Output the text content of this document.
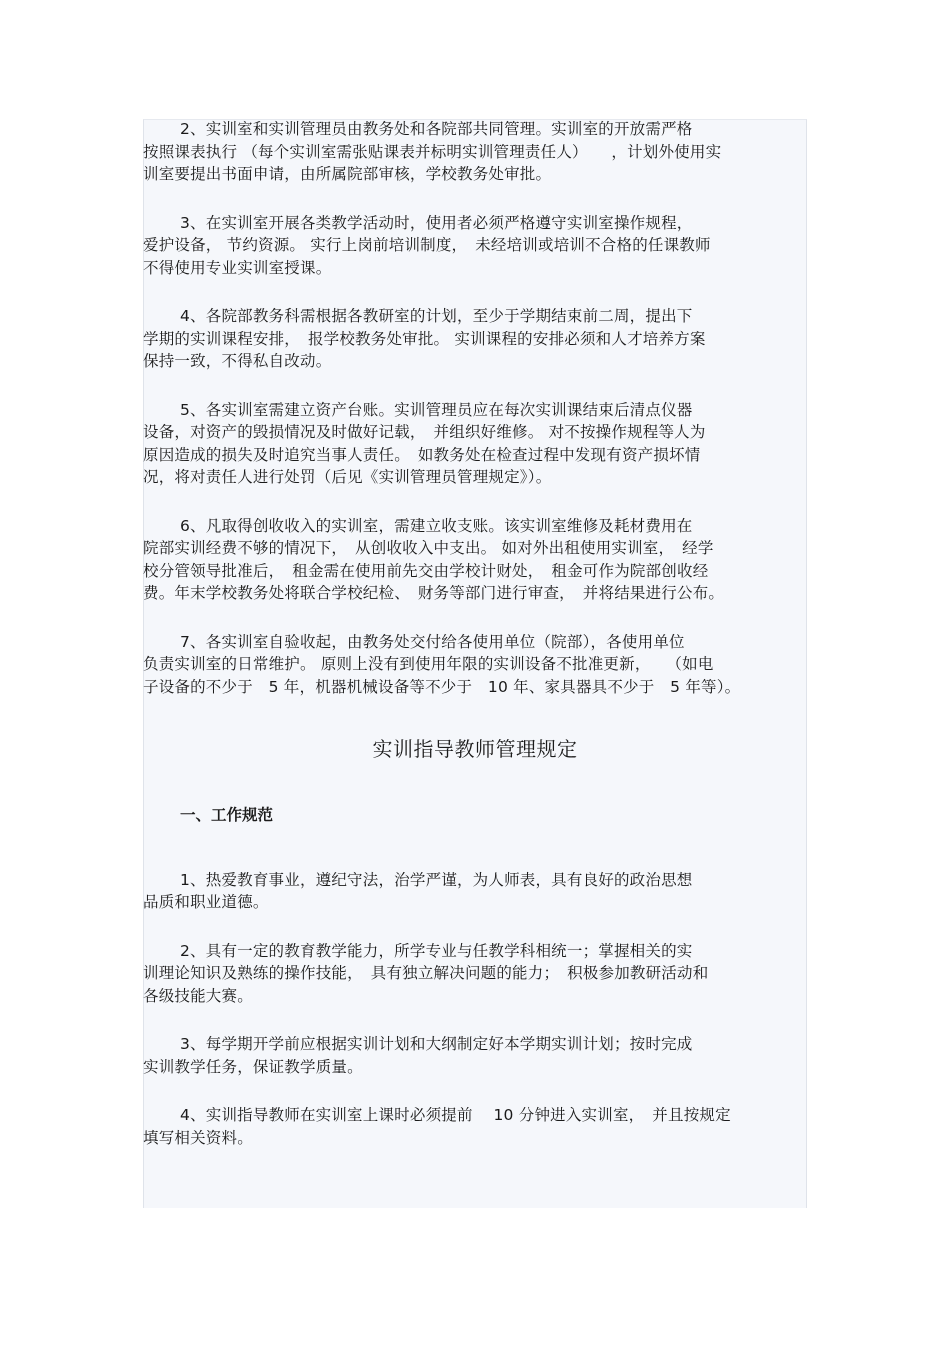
2、实训室和实训管理员由教务处和各院部共同管理。实训室的开放需严格
按照课表执行 （每个实训室需张贴课表并标明实训管理责任人）　　，计划外使用实
训室要提出书面申请，由所属院部审核，学校教务处审批。
3、在实训室开展各类教学活动时，使用者必须严格遵守实训室操作规程，
爱护设备， 节约资源。 实行上岗前培训制度，　未经培训或培训不合格的任课教师
不得使用专业实训室授课。
4、各院部教务科需根据各教研室的计划，至少于学期结束前二周，提出下
学期的实训课程安排，　报学校教务处审批。 实训课程的安排必须和人才培养方案
保持一致，不得私自改动。
5、各实训室需建立资产台账。实训管理员应在每次实训课结束后清点仪器
设备，对资产的毁损情况及时做好记载，　并组织好维修。 对不按操作规程等人为
原因造成的损失及时追究当事人责任。　如教务处在检查过程中发现有资产损坏情
况，将对责任人进行处罚（后见《实训管理员管理规定》）。
6、凡取得创收收入的实训室，需建立收支账。该实训室维修及耗材费用在
院部实训经费不够的情况下，　从创收收入中支出。 如对外出租使用实训室，　经学
校分管领导批准后，　租金需在使用前先交由学校计财处，　租金可作为院部创收经
费。年末学校教务处将联合学校纪检、　财务等部门进行审查，　并将结果进行公布。
7、各实训室自验收起，由教务处交付给各使用单位（院部），各使用单位
负责实训室的日常维护。 原则上没有到使用年限的实训设备不批准更新，　　（如电
子设备的不少于　5 年，机器机械设备等不少于　10 年、家具器具不少于　5 年等）。
实训指导教师管理规定
一、工作规范
1、热爱教育事业，遵纪守法，治学严谨，为人师表，具有良好的政治思想
品质和职业道德。
2、具有一定的教育教学能力，所学专业与任教学科相统一；掌握相关的实
训理论知识及熟练的操作技能，　具有独立解决问题的能力；　积极参加教研活动和
各级技能大赛。
3、每学期开学前应根据实训计划和大纲制定好本学期实训计划；按时完成
实训教学任务，保证教学质量。
4、实训指导教师在实训室上课时必须提前　 10 分钟进入实训室，　并且按规定
填写相关资料。
